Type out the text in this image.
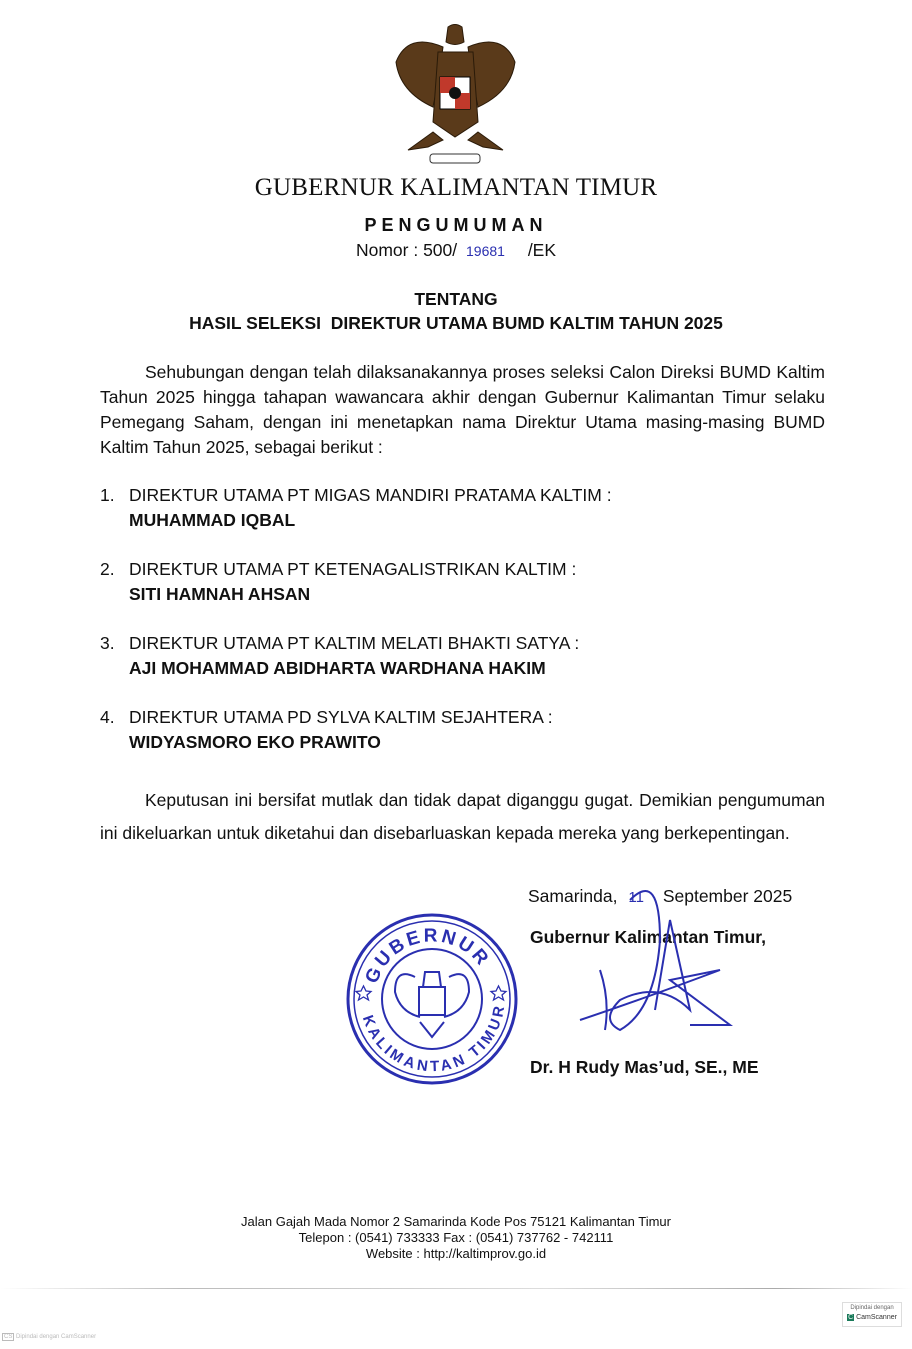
GUBERNUR KALIMANTAN TIMUR
PENGUMUMAN
Nomor : 500/ 19681 /EK
TENTANG
HASIL SELEKSI  DIREKTUR UTAMA BUMD KALTIM TAHUN 2025
Sehubungan dengan telah dilaksanakannya proses seleksi Calon Direksi BUMD Kaltim Tahun 2025 hingga tahapan wawancara akhir dengan Gubernur Kalimantan Timur selaku Pemegang Saham, dengan ini menetapkan nama Direktur Utama masing-masing BUMD Kaltim Tahun 2025, sebagai berikut :
1. DIREKTUR UTAMA PT MIGAS MANDIRI PRATAMA KALTIM :
MUHAMMAD IQBAL
2. DIREKTUR UTAMA PT KETENAGALISTRIKAN KALTIM :
SITI HAMNAH AHSAN
3. DIREKTUR UTAMA PT KALTIM MELATI BHAKTI SATYA :
AJI MOHAMMAD ABIDHARTA WARDHANA HAKIM
4. DIREKTUR UTAMA PD SYLVA KALTIM SEJAHTERA :
WIDYASMORO EKO PRAWITO
Keputusan ini bersifat mutlak dan tidak dapat diganggu gugat. Demikian pengumuman ini dikeluarkan untuk diketahui dan disebarluaskan kepada mereka yang berkepentingan.
Samarinda, 11 September 2025
Gubernur Kalimantan Timur,
Dr. H Rudy Mas’ud, SE., ME
GUBERNUR
KALIMANTAN TIMUR
Jalan Gajah Mada Nomor 2 Samarinda Kode Pos 75121 Kalimantan Timur
Telepon : (0541) 733333 Fax : (0541) 737762 - 742111
Website : http://kaltimprov.go.id
Dipindai dengan
C CamScanner
CS Dipindai dengan CamScanner
